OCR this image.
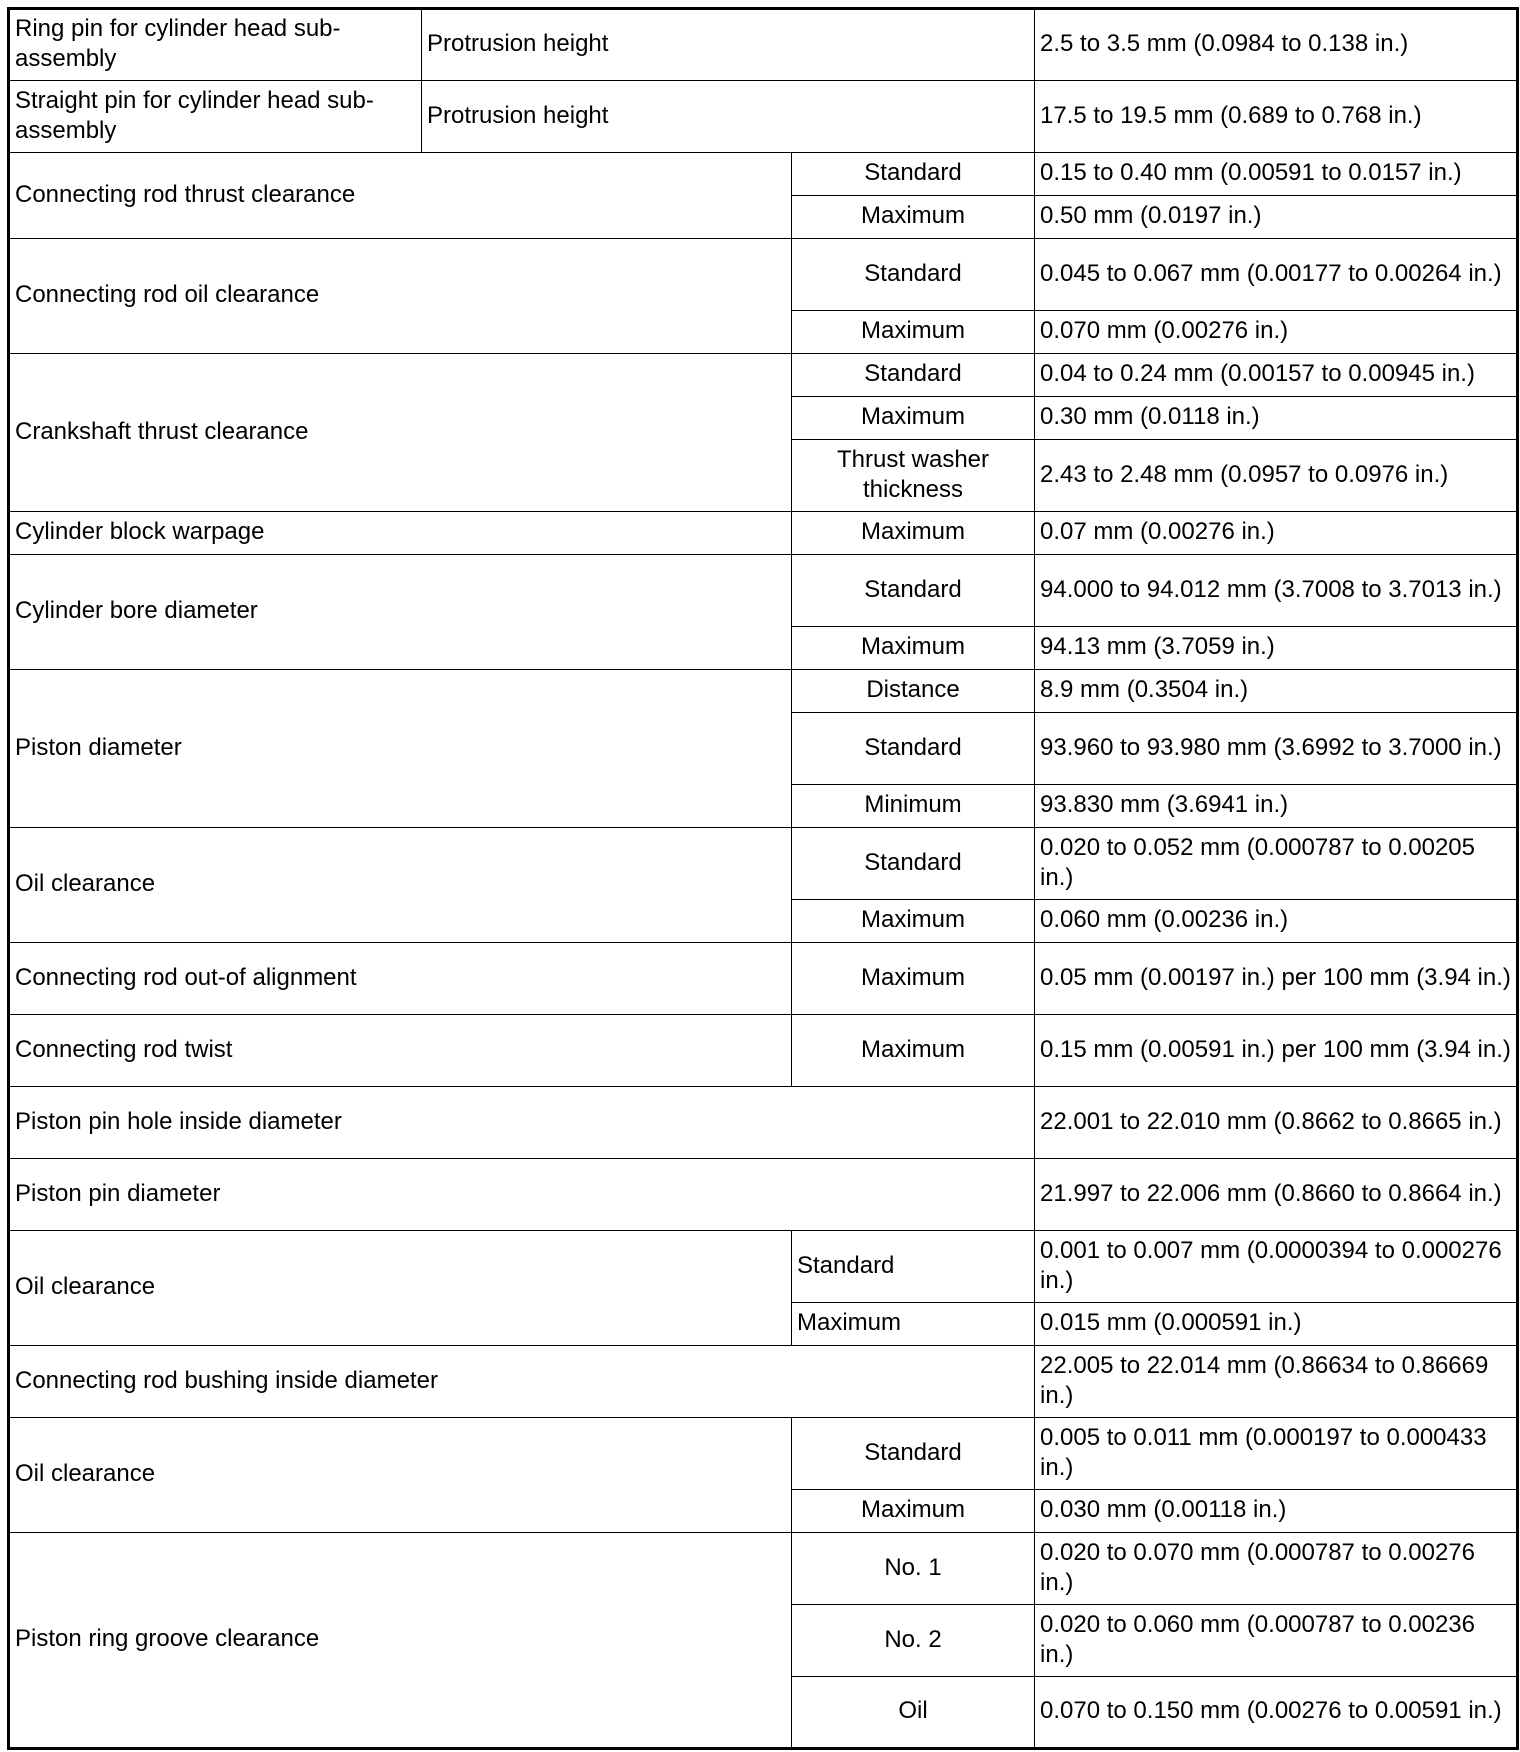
Ring pin for cylinder head sub-assembly	Protrusion height		2.5 to 3.5 mm (0.0984 to 0.138 in.)
Straight pin for cylinder head sub-assembly	Protrusion height		17.5 to 19.5 mm (0.689 to 0.768 in.)
Connecting rod thrust clearance		Standard	0.15 to 0.40 mm (0.00591 to 0.0157 in.)
		Maximum	0.50 mm (0.0197 in.)
Connecting rod oil clearance		Standard	0.045 to 0.067 mm (0.00177 to 0.00264 in.)
		Maximum	0.070 mm (0.00276 in.)
Crankshaft thrust clearance		Standard	0.04 to 0.24 mm (0.00157 to 0.00945 in.)
		Maximum	0.30 mm (0.0118 in.)
		Thrust washer thickness	2.43 to 2.48 mm (0.0957 to 0.0976 in.)
Cylinder block warpage		Maximum	0.07 mm (0.00276 in.)
Cylinder bore diameter		Standard	94.000 to 94.012 mm (3.7008 to 3.7013 in.)
		Maximum	94.13 mm (3.7059 in.)
Piston diameter		Distance	8.9 mm (0.3504 in.)
		Standard	93.960 to 93.980 mm (3.6992 to 3.7000 in.)
		Minimum	93.830 mm (3.6941 in.)
Oil clearance		Standard	0.020 to 0.052 mm (0.000787 to 0.00205 in.)
		Maximum	0.060 mm (0.00236 in.)
Connecting rod out-of alignment		Maximum	0.05 mm (0.00197 in.) per 100 mm (3.94 in.)
Connecting rod twist		Maximum	0.15 mm (0.00591 in.) per 100 mm (3.94 in.)
Piston pin hole inside diameter			22.001 to 22.010 mm (0.8662 to 0.8665 in.)
Piston pin diameter			21.997 to 22.006 mm (0.8660 to 0.8664 in.)
Oil clearance		Standard	0.001 to 0.007 mm (0.0000394 to 0.000276 in.)
		Maximum	0.015 mm (0.000591 in.)
Connecting rod bushing inside diameter			22.005 to 22.014 mm (0.86634 to 0.86669 in.)
Oil clearance		Standard	0.005 to 0.011 mm (0.000197 to 0.000433 in.)
		Maximum	0.030 mm (0.00118 in.)
Piston ring groove clearance		No. 1	0.020 to 0.070 mm (0.000787 to 0.00276 in.)
		No. 2	0.020 to 0.060 mm (0.000787 to 0.00236 in.)
		Oil	0.070 to 0.150 mm (0.00276 to 0.00591 in.)
